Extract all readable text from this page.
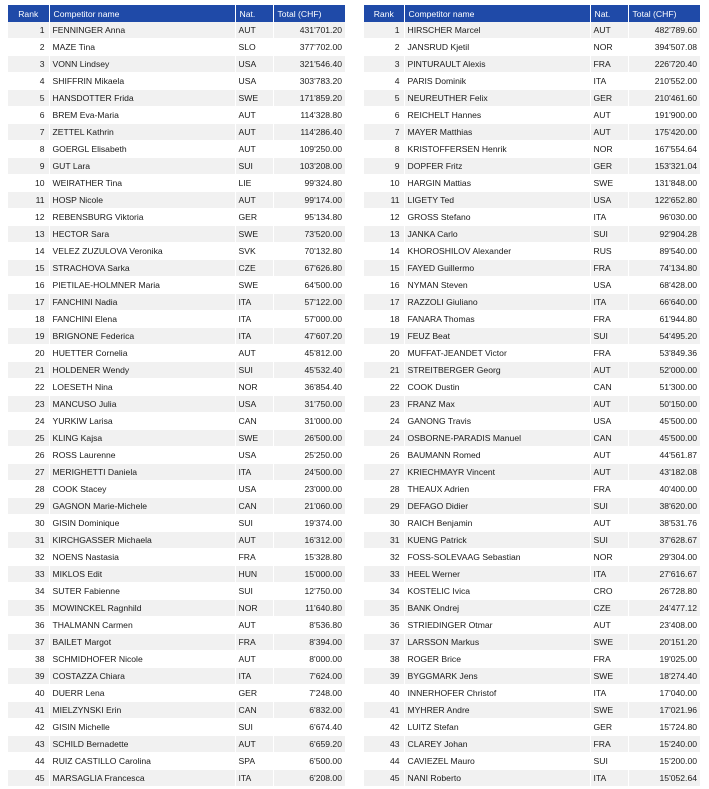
Rank	Competitor name	Nat.	Total (CHF)
1	FENNINGER Anna	AUT	431'701.20
2	MAZE Tina	SLO	377'702.00
3	VONN Lindsey	USA	321'546.40
4	SHIFFRIN Mikaela	USA	303'783.20
5	HANSDOTTER Frida	SWE	171'859.20
6	BREM Eva-Maria	AUT	114'328.80
7	ZETTEL Kathrin	AUT	114'286.40
8	GOERGL Elisabeth	AUT	109'250.00
9	GUT Lara	SUI	103'208.00
10	WEIRATHER Tina	LIE	99'324.80
11	HOSP Nicole	AUT	99'174.00
12	REBENSBURG Viktoria	GER	95'134.80
13	HECTOR Sara	SWE	73'520.00
14	VELEZ ZUZULOVA Veronika	SVK	70'132.80
15	STRACHOVA Sarka	CZE	67'626.80
16	PIETILAE-HOLMNER Maria	SWE	64'500.00
17	FANCHINI Nadia	ITA	57'122.00
18	FANCHINI Elena	ITA	57'000.00
19	BRIGNONE Federica	ITA	47'607.20
20	HUETTER Cornelia	AUT	45'812.00
21	HOLDENER Wendy	SUI	45'532.40
22	LOESETH Nina	NOR	36'854.40
23	MANCUSO Julia	USA	31'750.00
24	YURKIW Larisa	CAN	31'000.00
25	KLING Kajsa	SWE	26'500.00
26	ROSS Laurenne	USA	25'250.00
27	MERIGHETTI Daniela	ITA	24'500.00
28	COOK Stacey	USA	23'000.00
29	GAGNON Marie-Michele	CAN	21'060.00
30	GISIN Dominique	SUI	19'374.00
31	KIRCHGASSER Michaela	AUT	16'312.00
32	NOENS Nastasia	FRA	15'328.80
33	MIKLOS Edit	HUN	15'000.00
34	SUTER Fabienne	SUI	12'750.00
35	MOWINCKEL Ragnhild	NOR	11'640.80
36	THALMANN Carmen	AUT	8'536.80
37	BAILET Margot	FRA	8'394.00
38	SCHMIDHOFER Nicole	AUT	8'000.00
39	COSTAZZA Chiara	ITA	7'624.00
40	DUERR Lena	GER	7'248.00
41	MIELZYNSKI Erin	CAN	6'832.00
42	GISIN Michelle	SUI	6'674.40
43	SCHILD Bernadette	AUT	6'659.20
44	RUIZ CASTILLO Carolina	SPA	6'500.00
45	MARSAGLIA Francesca	ITA	6'208.00
Rank	Competitor name	Nat.	Total (CHF)
1	HIRSCHER Marcel	AUT	482'789.60
2	JANSRUD Kjetil	NOR	394'507.08
3	PINTURAULT Alexis	FRA	226'720.40
4	PARIS Dominik	ITA	210'552.00
5	NEUREUTHER Felix	GER	210'461.60
6	REICHELT Hannes	AUT	191'900.00
7	MAYER Matthias	AUT	175'420.00
8	KRISTOFFERSEN Henrik	NOR	167'554.64
9	DOPFER Fritz	GER	153'321.04
10	HARGIN Mattias	SWE	131'848.00
11	LIGETY Ted	USA	122'652.80
12	GROSS Stefano	ITA	96'030.00
13	JANKA Carlo	SUI	92'904.28
14	KHOROSHILOV Alexander	RUS	89'540.00
15	FAYED Guillermo	FRA	74'134.80
16	NYMAN Steven	USA	68'428.00
17	RAZZOLI Giuliano	ITA	66'640.00
18	FANARA Thomas	FRA	61'944.80
19	FEUZ Beat	SUI	54'495.20
20	MUFFAT-JEANDET Victor	FRA	53'849.36
21	STREITBERGER Georg	AUT	52'000.00
22	COOK Dustin	CAN	51'300.00
23	FRANZ Max	AUT	50'150.00
24	GANONG Travis	USA	45'500.00
24	OSBORNE-PARADIS Manuel	CAN	45'500.00
26	BAUMANN Romed	AUT	44'561.87
27	KRIECHMAYR Vincent	AUT	43'182.08
28	THEAUX Adrien	FRA	40'400.00
29	DEFAGO Didier	SUI	38'620.00
30	RAICH Benjamin	AUT	38'531.76
31	KUENG Patrick	SUI	37'628.67
32	FOSS-SOLEVAAG Sebastian	NOR	29'304.00
33	HEEL Werner	ITA	27'616.67
34	KOSTELIC Ivica	CRO	26'728.80
35	BANK Ondrej	CZE	24'477.12
36	STRIEDINGER Otmar	AUT	23'408.00
37	LARSSON Markus	SWE	20'151.20
38	ROGER Brice	FRA	19'025.00
39	BYGGMARK Jens	SWE	18'274.40
40	INNERHOFER Christof	ITA	17'040.00
41	MYHRER Andre	SWE	17'021.96
42	LUITZ Stefan	GER	15'724.80
43	CLAREY Johan	FRA	15'240.00
44	CAVIEZEL Mauro	SUI	15'200.00
45	NANI Roberto	ITA	15'052.64
